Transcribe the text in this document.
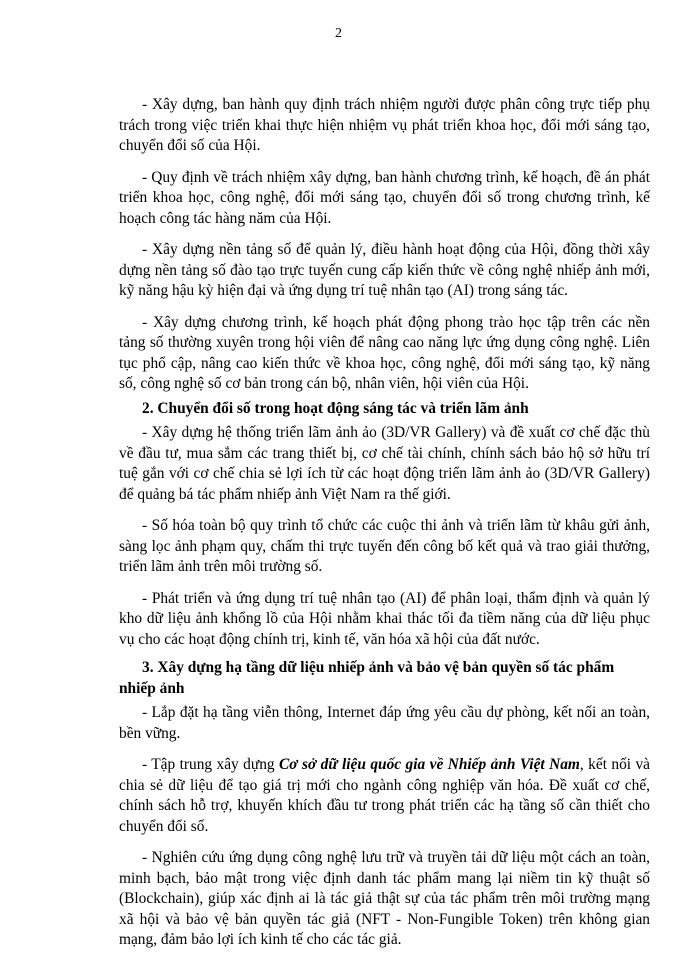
2

- Xây dựng, ban hành quy định trách nhiệm người được phân công trực tiếp phụ trách trong việc triển khai thực hiện nhiệm vụ phát triển khoa học, đổi mới sáng tạo, chuyển đổi số của Hội.

- Quy định về trách nhiệm xây dựng, ban hành chương trình, kế hoạch, đề án phát triển khoa học, công nghệ, đổi mới sáng tạo, chuyển đổi số trong chương trình, kế hoạch công tác hàng năm của Hội.

- Xây dựng nền tảng số để quản lý, điều hành hoạt động của Hội, đồng thời xây dựng nền tảng số đào tạo trực tuyến cung cấp kiến thức về công nghệ nhiếp ảnh mới, kỹ năng hậu kỳ hiện đại và ứng dụng trí tuệ nhân tạo (AI) trong sáng tác.

- Xây dựng chương trình, kế hoạch phát động phong trào học tập trên các nền tảng số thường xuyên trong hội viên để nâng cao năng lực ứng dụng công nghệ. Liên tục phổ cập, nâng cao kiến thức về khoa học, công nghệ, đổi mới sáng tạo, kỹ năng số, công nghệ số cơ bản trong cán bộ, nhân viên, hội viên của Hội.

2. Chuyển đổi số trong hoạt động sáng tác và triển lãm ảnh

- Xây dựng hệ thống triển lãm ảnh ảo (3D/VR Gallery) và đề xuất cơ chế đặc thù về đầu tư, mua sắm các trang thiết bị, cơ chế tài chính, chính sách bảo hộ sở hữu trí tuệ gắn với cơ chế chia sẻ lợi ích từ các hoạt động triển lãm ảnh ảo (3D/VR Gallery) để quảng bá tác phẩm nhiếp ảnh Việt Nam ra thế giới.

- Số hóa toàn bộ quy trình tổ chức các cuộc thi ảnh và triển lãm từ khâu gửi ảnh, sàng lọc ảnh phạm quy, chấm thi trực tuyến đến công bố kết quả và trao giải thưởng, triển lãm ảnh trên môi trường số.

- Phát triển và ứng dụng trí tuệ nhân tạo (AI) để phân loại, thẩm định và quản lý kho dữ liệu ảnh khổng lồ của Hội nhằm khai thác tối đa tiềm năng của dữ liệu phục vụ cho các hoạt động chính trị, kinh tế, văn hóa xã hội của đất nước.

3. Xây dựng hạ tầng dữ liệu nhiếp ảnh và bảo vệ bản quyền số tác phẩm nhiếp ảnh

- Lắp đặt hạ tầng viễn thông, Internet đáp ứng yêu cầu dự phòng, kết nối an toàn, bền vững.

- Tập trung xây dựng Cơ sở dữ liệu quốc gia về Nhiếp ảnh Việt Nam, kết nối và chia sẻ dữ liệu để tạo giá trị mới cho ngành công nghiệp văn hóa. Đề xuất cơ chế, chính sách hỗ trợ, khuyến khích đầu tư trong phát triển các hạ tầng số cần thiết cho chuyển đổi số.

- Nghiên cứu ứng dụng công nghệ lưu trữ và truyền tải dữ liệu một cách an toàn, minh bạch, bảo mật trong việc định danh tác phẩm mang lại niềm tin kỹ thuật số (Blockchain), giúp xác định ai là tác giả thật sự của tác phẩm trên môi trường mạng xã hội và bảo vệ bản quyền tác giả (NFT - Non-Fungible Token) trên không gian mạng, đảm bảo lợi ích kinh tế cho các tác giả.
